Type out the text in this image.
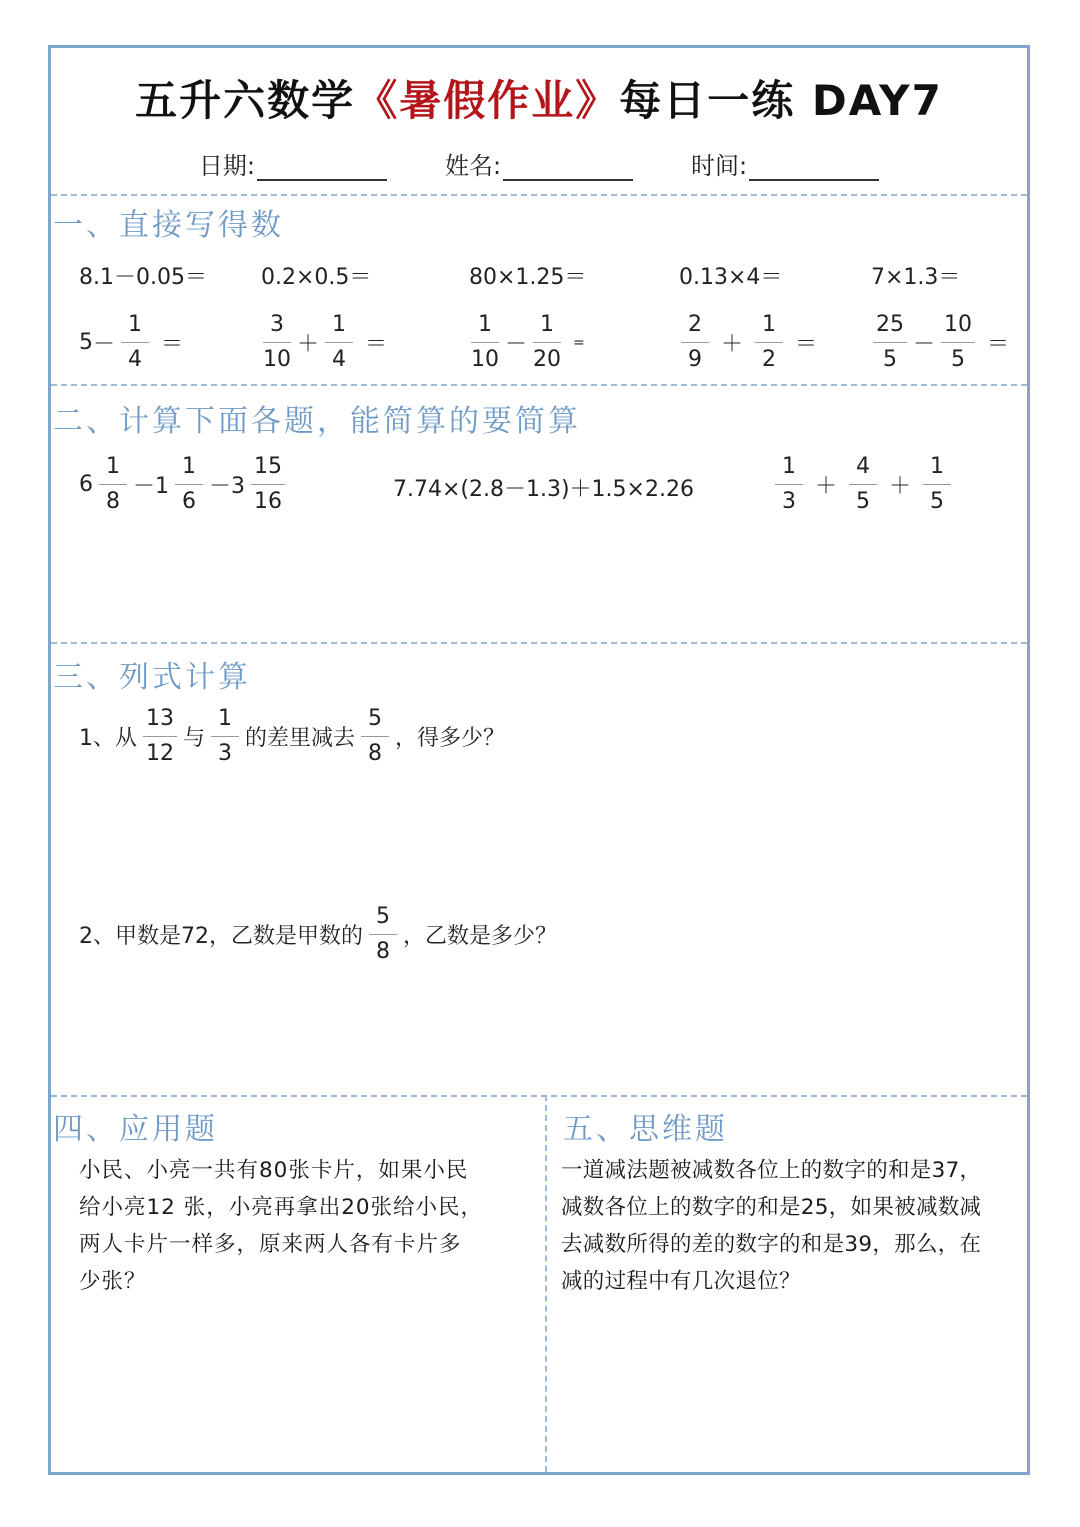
五升六数学《暑假作业》每日一练 DAY7
日期:	姓名:	时间:
一、直接写得数
8.1－0.05＝ 0.2×0.5＝	80×1.25＝	0.13×4＝	7×1.3＝
$5 - \frac{1}{4}$ ＝	$\frac{3}{10} + \frac{1}{4}$ ＝	$\frac{1}{10} - \frac{1}{20}$ =	$\frac{2}{9} + \frac{1}{2}$ ＝	$\frac{25}{5} - \frac{10}{5}$ ＝
二、计算下面各题，能简算的要简算
$6 \frac{1}{8} -1 \frac{1}{6} -3 \frac{15}{16}$	7.74×(2.8－1.3)＋1.5×2.26	$\frac{1}{3} + \frac{4}{5} + \frac{1}{5}$
三、列式计算
1、从 $\frac{13}{12}$ 与 $\frac{1}{3}$ 的差里减去 $\frac{5}{8}$ ，得多少？
2、甲数是72，乙数是甲数的 $\frac{5}{8}$ ，乙数是多少？
四、应用题
小民、小亮一共有80张卡片，如果小民
给小亮12 张，小亮再拿出20张给小民，
两人卡片一样多，原来两人各有卡片多
少张？
五、思维题
一道减法题被减数各位上的数字的和是37，
减数各位上的数字的和是25，如果被减数减
去减数所得的差的数字的和是39，那么，在
减的过程中有几次退位？
